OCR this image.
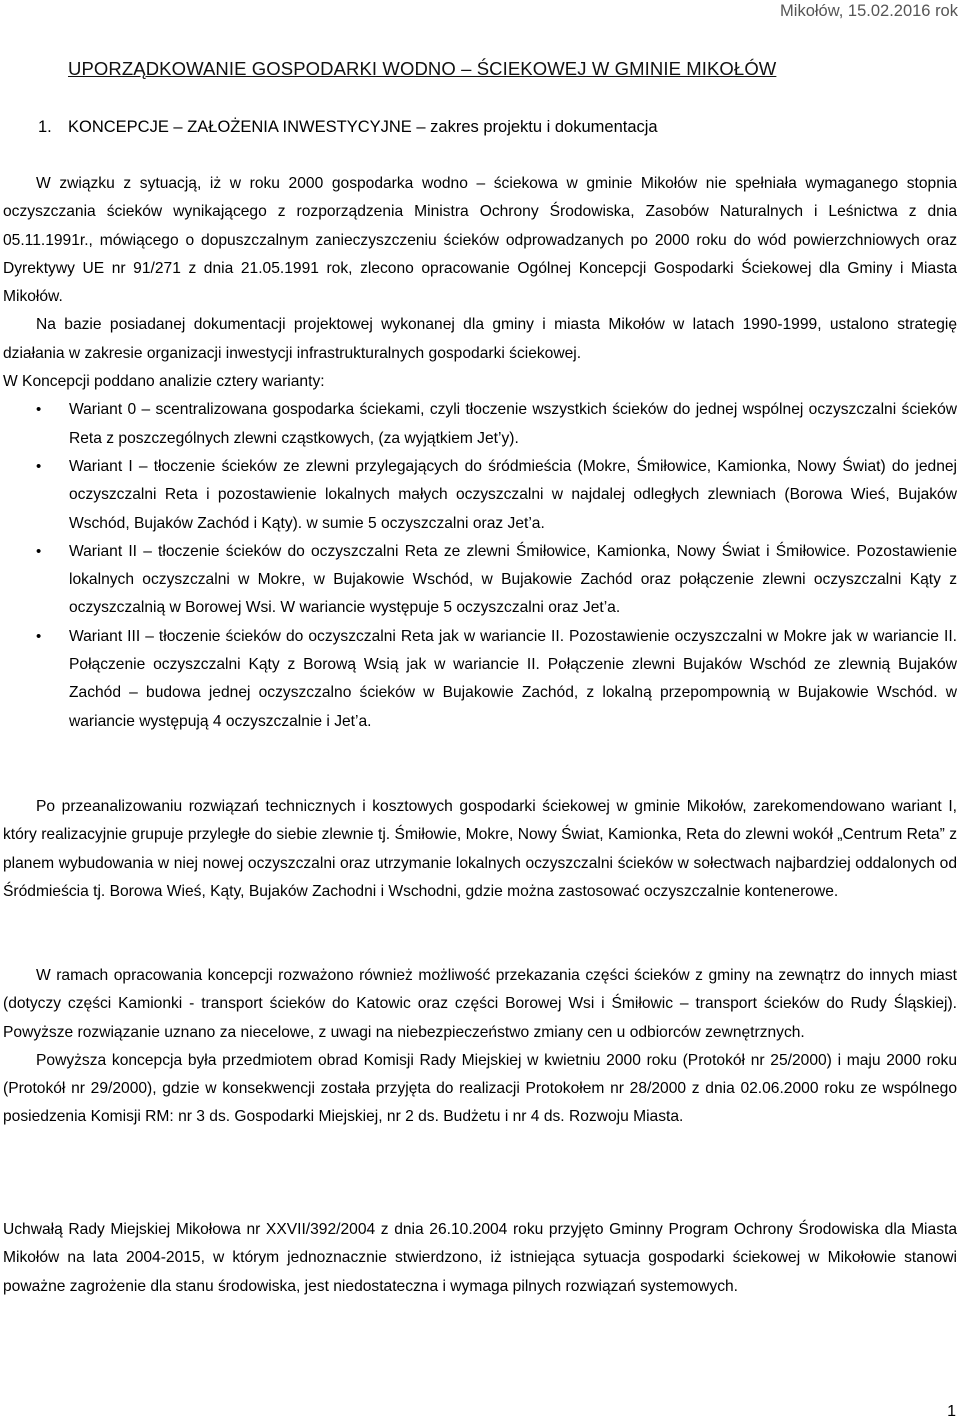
Mikołów, 15.02.2016 rok
UPORZĄDKOWANIE GOSPODARKI WODNO – ŚCIEKOWEJ W GMINIE MIKOŁÓW
1. KONCEPCJE – ZAŁOŻENIA INWESTYCYJNE – zakres projektu i dokumentacja

W związku z sytuacją, iż w roku 2000 gospodarka wodno – ściekowa w gminie Mikołów nie spełniała wymaganego stopnia oczyszczania ścieków wynikającego z rozporządzenia Ministra Ochrony Środowiska, Zasobów Naturalnych i Leśnictwa z dnia 05.11.1991r., mówiącego o dopuszczalnym zanieczyszczeniu ścieków odprowadzanych po 2000 roku do wód powierzchniowych oraz Dyrektywy UE nr 91/271 z dnia 21.05.1991 rok, zlecono opracowanie Ogólnej Koncepcji Gospodarki Ściekowej dla Gminy i Miasta Mikołów.

Na bazie posiadanej dokumentacji projektowej wykonanej dla gminy i miasta Mikołów w latach 1990-1999, ustalono strategię działania w zakresie organizacji inwestycji infrastrukturalnych gospodarki ściekowej.

W Koncepcji poddano analizie cztery warianty:

• Wariant 0 – scentralizowana gospodarka ściekami, czyli tłoczenie wszystkich ścieków do jednej wspólnej oczyszczalni ścieków Reta z poszczególnych zlewni cząstkowych, (za wyjątkiem Jet’y).
• Wariant I – tłoczenie ścieków ze zlewni przylegających do śródmieścia (Mokre, Śmiłowice, Kamionka, Nowy Świat) do jednej oczyszczalni Reta i pozostawienie lokalnych małych oczyszczalni w najdalej odległych zlewniach (Borowa Wieś, Bujaków Wschód, Bujaków Zachód i Kąty). w sumie 5 oczyszczalni oraz Jet’a.
• Wariant II – tłoczenie ścieków do oczyszczalni Reta ze zlewni Śmiłowice, Kamionka, Nowy Świat i Śmiłowice. Pozostawienie lokalnych oczyszczalni w Mokre, w Bujakowie Wschód, w Bujakowie Zachód oraz połączenie zlewni oczyszczalni Kąty z oczyszczalnią w Borowej Wsi. W wariancie występuje 5 oczyszczalni oraz Jet’a.
• Wariant III – tłoczenie ścieków do oczyszczalni Reta jak w wariancie II. Pozostawienie oczyszczalni w Mokre jak w wariancie II. Połączenie oczyszczalni Kąty z Borową Wsią jak w wariancie II. Połączenie zlewni Bujaków Wschód ze zlewnią Bujaków Zachód – budowa jednej oczyszczalno ścieków w Bujakowie Zachód, z lokalną przepompownią w Bujakowie Wschód. w wariancie występują 4 oczyszczalnie i Jet’a.

Po przeanalizowaniu rozwiązań technicznych i kosztowych gospodarki ściekowej w gminie Mikołów, zarekomendowano wariant I, który realizacyjnie grupuje przyległe do siebie zlewnie tj. Śmiłowie, Mokre, Nowy Świat, Kamionka, Reta do zlewni wokół „Centrum Reta” z planem wybudowania w niej nowej oczyszczalni oraz utrzymanie lokalnych oczyszczalni ścieków w sołectwach najbardziej oddalonych od Śródmieścia tj. Borowa Wieś, Kąty, Bujaków Zachodni i Wschodni, gdzie można zastosować oczyszczalnie kontenerowe.

W ramach opracowania koncepcji rozważono również możliwość przekazania części ścieków z gminy na zewnątrz do innych miast (dotyczy części Kamionki - transport ścieków do Katowic oraz części Borowej Wsi i Śmiłowic – transport ścieków do Rudy Śląskiej). Powyższe rozwiązanie uznano za niecelowe, z uwagi na niebezpieczeństwo zmiany cen u odbiorców zewnętrznych.

Powyższa koncepcja była przedmiotem obrad Komisji Rady Miejskiej w kwietniu 2000 roku (Protokół nr 25/2000) i maju 2000 roku (Protokół nr 29/2000), gdzie w konsekwencji została przyjęta do realizacji Protokołem nr 28/2000 z dnia 02.06.2000 roku ze wspólnego posiedzenia Komisji RM: nr 3 ds. Gospodarki Miejskiej, nr 2 ds. Budżetu i nr 4 ds. Rozwoju Miasta.

Uchwałą Rady Miejskiej Mikołowa nr XXVII/392/2004 z dnia 26.10.2004 roku przyjęto Gminny Program Ochrony Środowiska dla Miasta Mikołów na lata 2004-2015, w którym jednoznacznie stwierdzono, iż istniejąca sytuacja gospodarki ściekowej w Mikołowie stanowi poważne zagrożenie dla stanu środowiska, jest niedostateczna i wymaga pilnych rozwiązań systemowych.

1
